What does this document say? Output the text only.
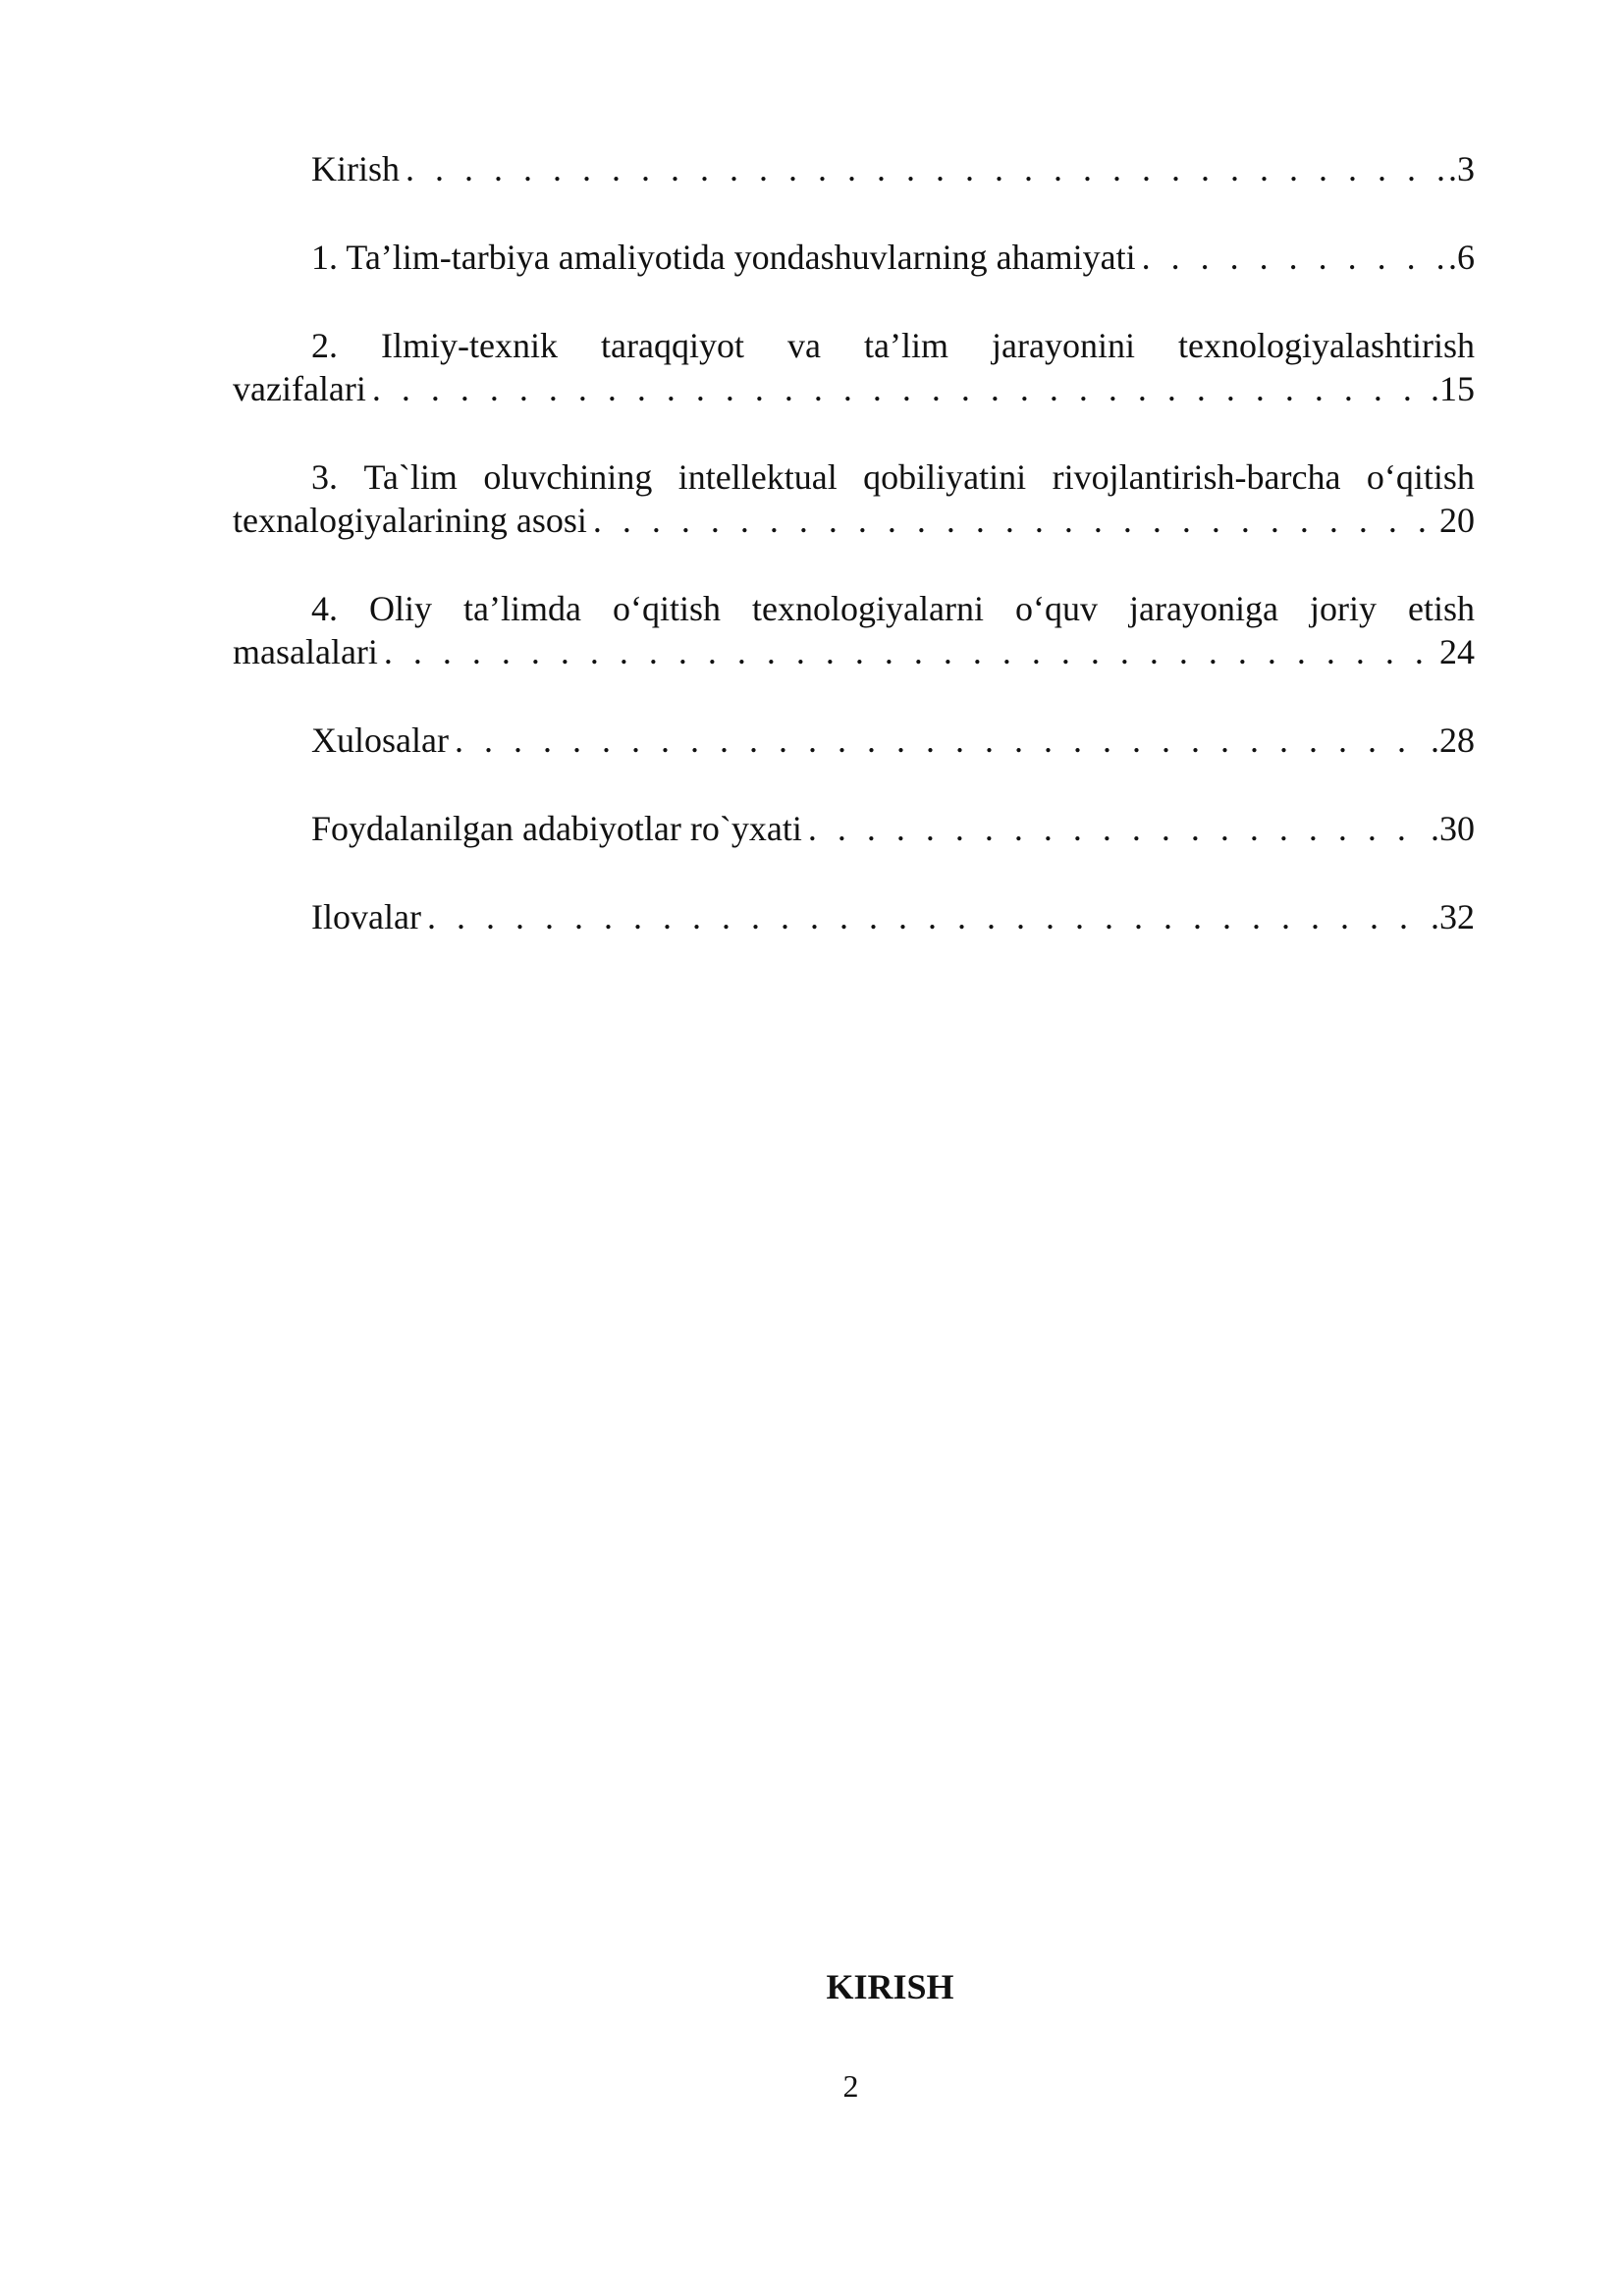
Kirish . . .	.3
1. Ta’lim-tarbiya amaliyotida yondashuvlarning ahamiyati . . .	.6
2. Ilmiy-texnik taraqqiyot va ta’lim jarayonini texnologiyalashtirish
vazifalari . . .	.15
3. Ta`lim oluvchining intellektual qobiliyatini rivojlantirish-barcha o‘qitish
texnalogiyalarining asosi . . .	20
4. Oliy ta’limda o‘qitish texnologiyalarni o‘quv jarayoniga joriy etish
masalalari . . .	24
Xulosalar . . .	.28
Foydalanilgan adabiyotlar ro`yxati . . .	.30
Ilovalar . . .	.32
KIRISH
2
